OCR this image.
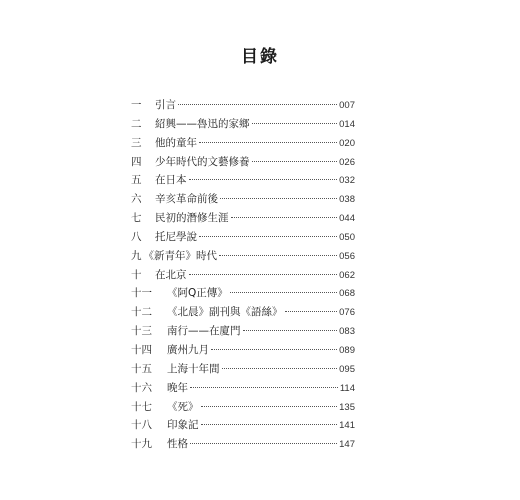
目錄
一	引言	007
二	紹興——魯迅的家鄉	014
三	他的童年	020
四	少年時代的文藝修養	026
五	在日本	032
六	辛亥革命前後	038
七	民初的潛修生涯	044
八	托尼學說	050
九 《新青年》時代	056
十	在北京	062
十一	《阿Q正傳》	068
十二	《北晨》副刊與《語絲》	076
十三	南行——在廈門	083
十四	廣州九月	089
十五	上海十年間	095
十六	晚年	114
十七	《死》	135
十八	印象記	141
十九	性格	147
